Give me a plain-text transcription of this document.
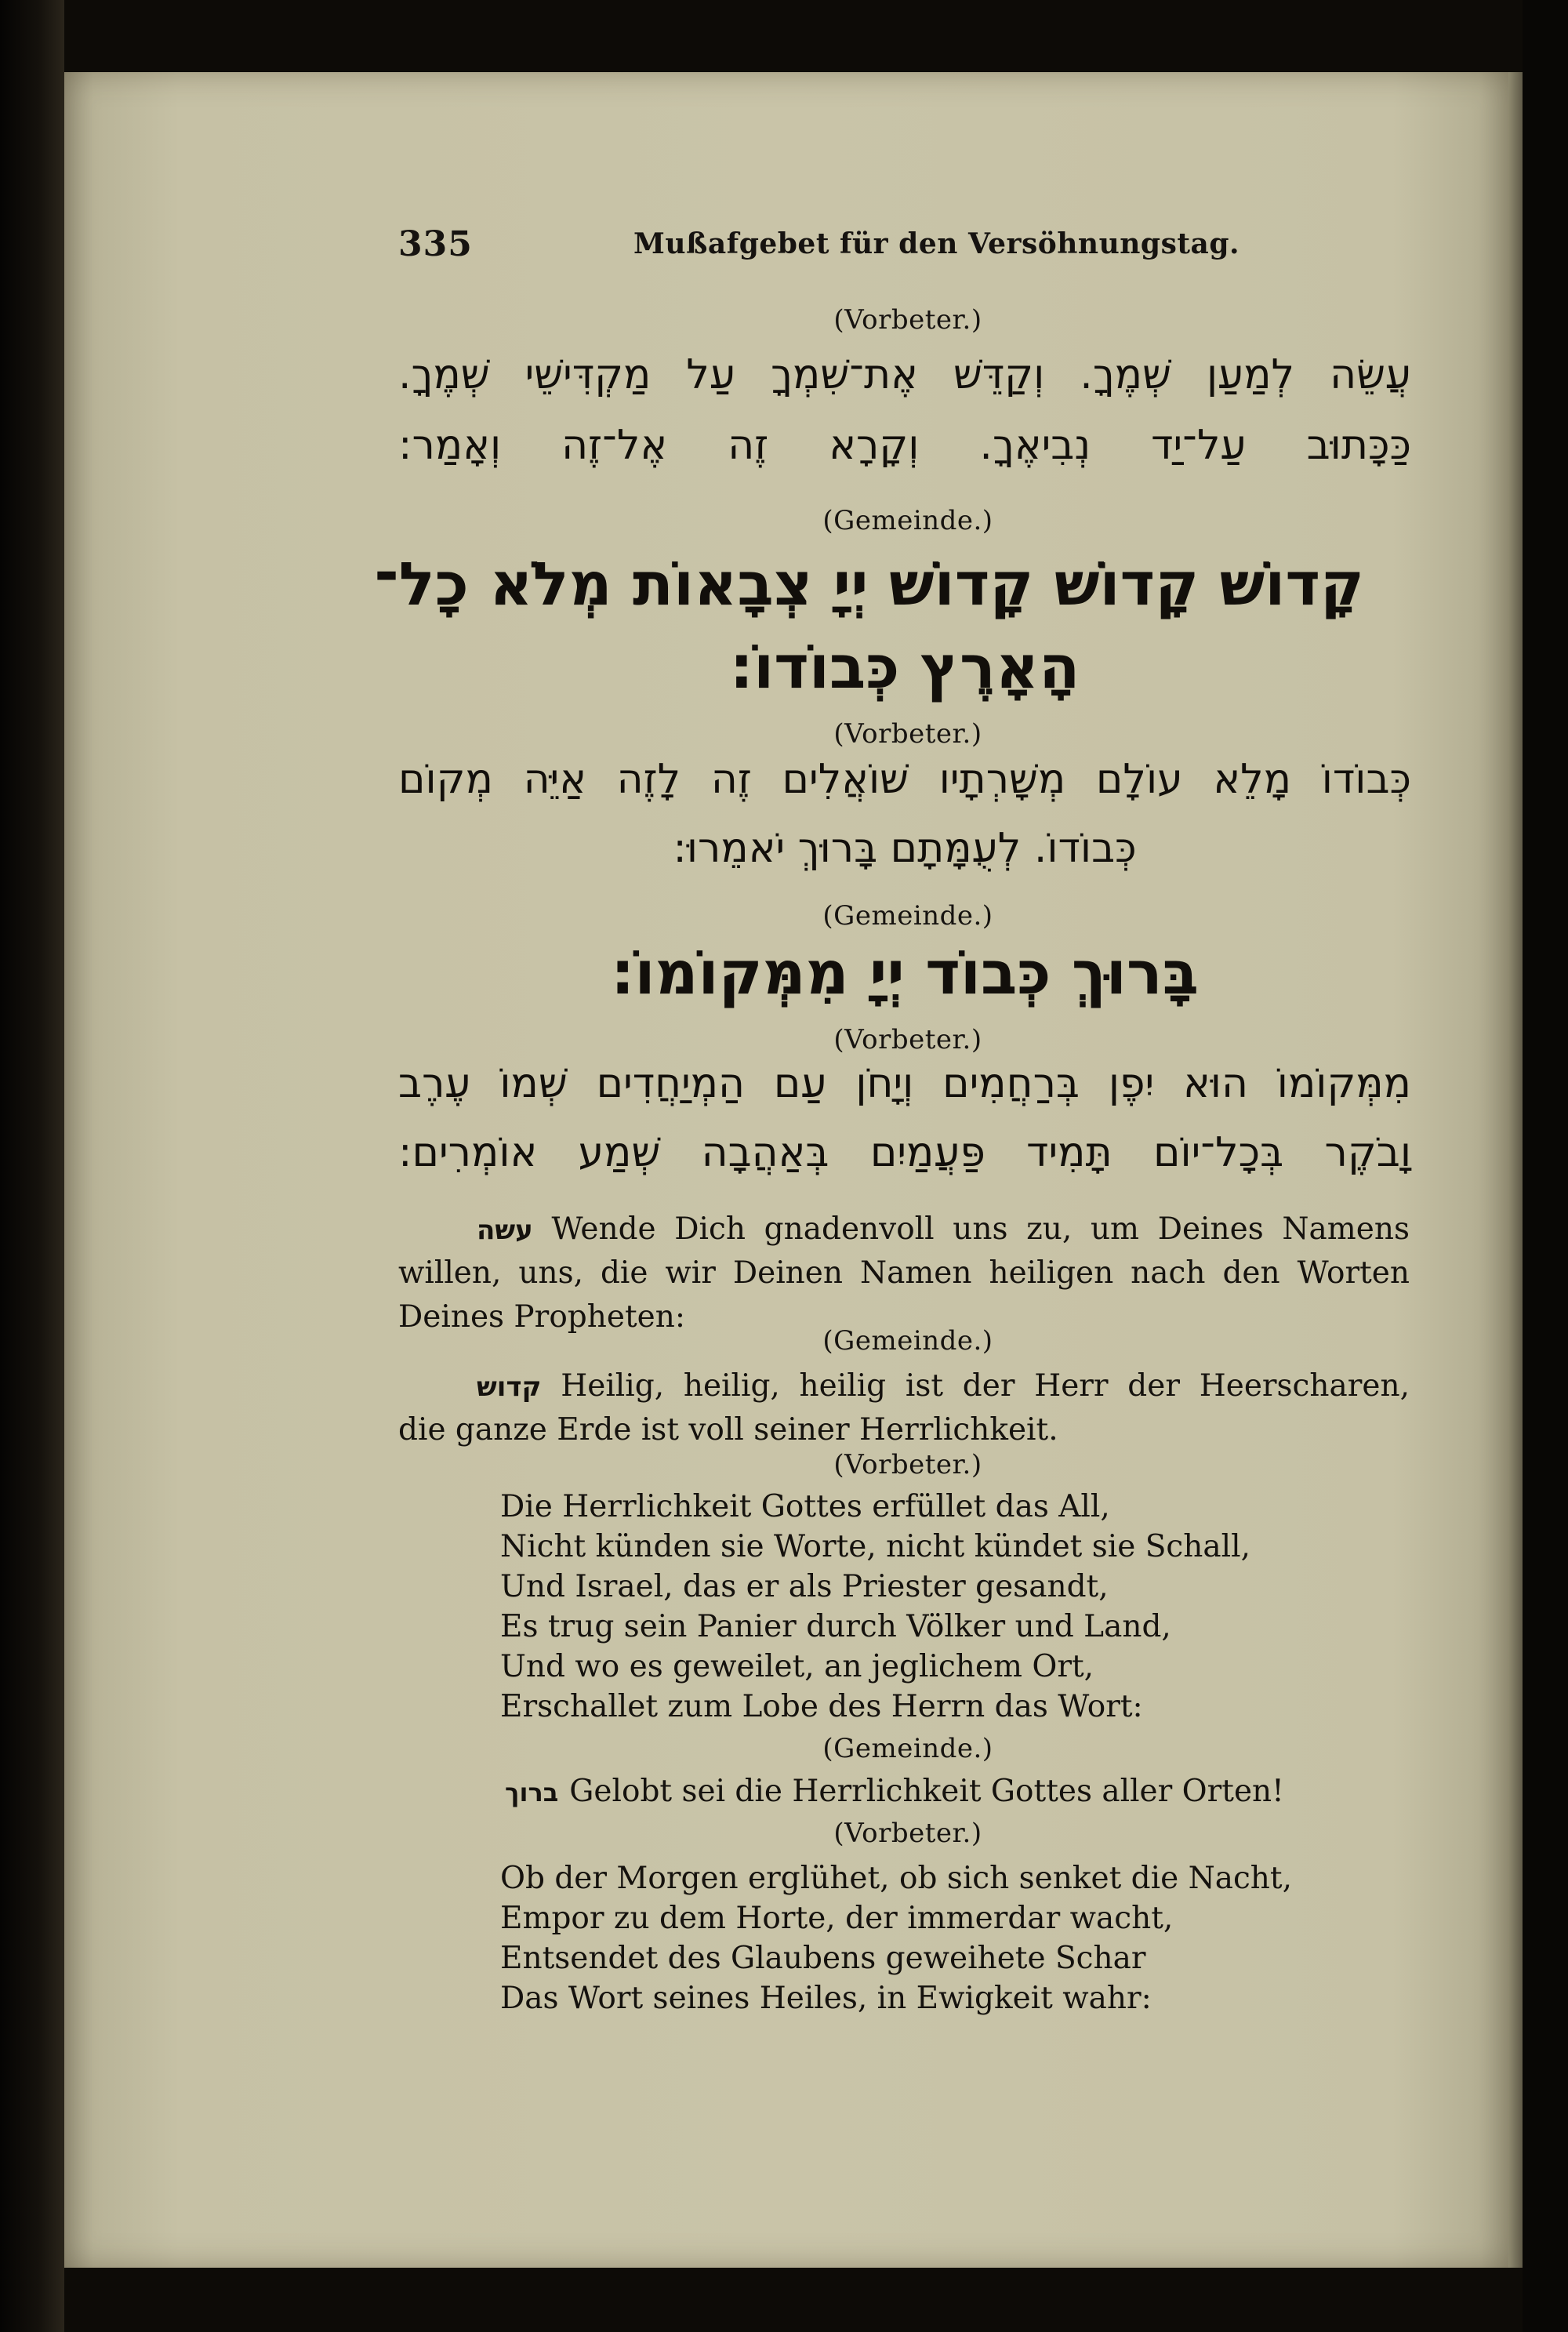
335	Mußafgebet für den Versöhnungstag.
(Vorbeter.)
עֲשֵׂה לְמַעַן שְׁמֶךָ. וְקַדֵּשׁ אֶת־שִׁמְךָ עַל מַקְדִּישֵׁי שְׁמֶךָ.
כַּכָּתוּב עַל־יַד נְבִיאֶךָ. וְקָרָא זֶה אֶל־זֶה וְאָמַר:
(Gemeinde.)
קָדוֹשׁ קָדוֹשׁ קָדוֹשׁ יְיָ צְבָאוֹת מְלֹא כָל־
הָאָרֶץ כְּבוֹדוֹ:
(Vorbeter.)
כְּבוֹדוֹ מָלֵא עוֹלָם מְשָׁרְתָיו שׁוֹאֲלִים זֶה לָזֶה אַיֵּה מְקוֹם
כְּבוֹדוֹ. לְעֻמָּתָם בָּרוּךְ יֹאמֵרוּ:
(Gemeinde.)
בָּרוּךְ כְּבוֹד יְיָ מִמְּקוֹמוֹ:
(Vorbeter.)
מִמְּקוֹמוֹ הוּא יִפֶן בְּרַחֲמִים וְיָחֹן עַם הַמְיַחֲדִים שְׁמוֹ עֶרֶב
וָבֹקֶר בְּכָל־יוֹם תָּמִיד פַּעֲמַיִם בְּאַהֲבָה שְׁמַע אוֹמְרִים:
עשה Wende Dich gnadenvoll uns zu, um Deines Namens
willen, uns, die wir Deinen Namen heiligen nach den Worten
Deines Propheten:
(Gemeinde.)
קדוש Heilig, heilig, heilig ist der Herr der Heerscharen,
die ganze Erde ist voll seiner Herrlichkeit.
(Vorbeter.)
Die Herrlichkeit Gottes erfüllet das All,
Nicht künden sie Worte, nicht kündet sie Schall,
Und Israel, das er als Priester gesandt,
Es trug sein Panier durch Völker und Land,
Und wo es geweilet, an jeglichem Ort,
Erschallet zum Lobe des Herrn das Wort:
(Gemeinde.)
ברוך Gelobt sei die Herrlichkeit Gottes aller Orten!
(Vorbeter.)
Ob der Morgen erglühet, ob sich senket die Nacht,
Empor zu dem Horte, der immerdar wacht,
Entsendet des Glaubens geweihete Schar
Das Wort seines Heiles, in Ewigkeit wahr:
